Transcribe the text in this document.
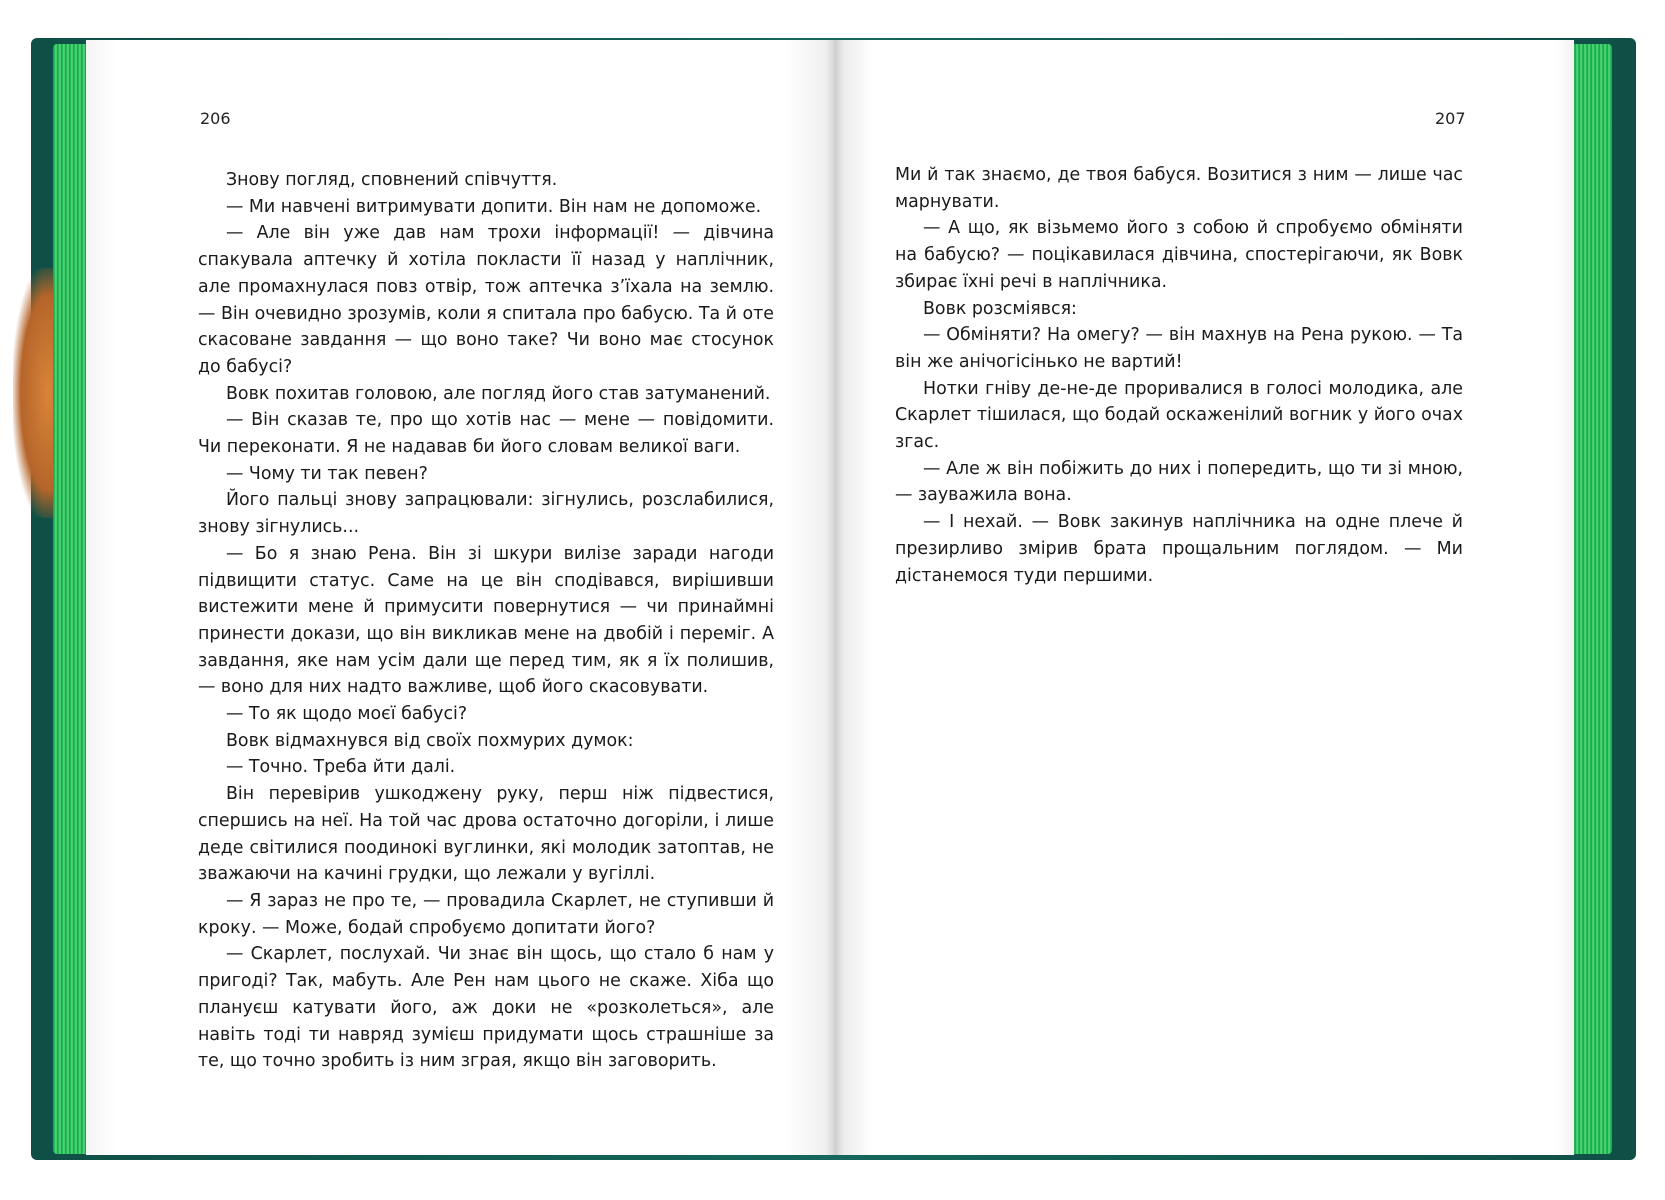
206	207

Знову погляд, сповнений співчуття.

— Ми навчені витримувати допити. Він нам не допоможе.

— Але він уже дав нам трохи інформації! — дівчина спакувала аптечку й хотіла покласти її назад у наплічник, але промахнулася повз отвір, тож аптечка з’їхала на землю. — Він очевидно зрозумів, коли я спитала про бабусю. Та й оте скасоване завдання — що воно таке? Чи воно має стосунок до бабусі?

Вовк похитав головою, але погляд його став затуманений.

— Він сказав те, про що хотів нас — мене — повідомити. Чи переконати. Я не надавав би його словам великої ваги.

— Чому ти так певен?

Його пальці знову запрацювали: зігнулись, розслабилися, знову зігнулись...

— Бо я знаю Рена. Він зі шкури вилізе заради нагоди підвищити статус. Саме на це він сподівався, вирішивши вистежити мене й примусити повернутися — чи принаймні принести докази, що він викликав мене на двобій і переміг. А завдання, яке нам усім дали ще перед тим, як я їх полишив, — воно для них надто важливе, щоб його скасовувати.

— То як щодо моєї бабусі?

Вовк відмахнувся від своїх похмурих думок:

— Точно. Треба йти далі.

Він перевірив ушкоджену руку, перш ніж підвестися, спершись на неї. На той час дрова остаточно догоріли, і лише деде світилися поодинокі вуглинки, які молодик затоптав, не зважаючи на качині грудки, що лежали у вугіллі.

— Я зараз не про те, — провадила Скарлет, не ступивши й кроку. — Може, бодай спробуємо допитати його?

— Скарлет, послухай. Чи знає він щось, що стало б нам у пригоді? Так, мабуть. Але Рен нам цього не скаже. Хіба що плануєш катувати його, аж доки не «розколеться», але навіть тоді ти навряд зумієш придумати щось страшніше за те, що точно зробить із ним зграя, якщо він заговорить.

Ми й так знаємо, де твоя бабуся. Возитися з ним — лише час марнувати.

— А що, як візьмемо його з собою й спробуємо обміняти на бабусю? — поцікавилася дівчина, спостерігаючи, як Вовк збирає їхні речі в наплічника.

Вовк розсміявся:

— Обміняти? На омегу? — він махнув на Рена рукою. — Та він же анічогісінько не вартий!

Нотки гніву де-не-де проривалися в голосі молодика, але Скарлет тішилася, що бодай оскаженілий вогник у його очах згас.

— Але ж він побіжить до них і попередить, що ти зі мною, — зауважила вона.

— І нехай. — Вовк закинув наплічника на одне плече й презирливо змірив брата прощальним поглядом. — Ми дістанемося туди першими.
